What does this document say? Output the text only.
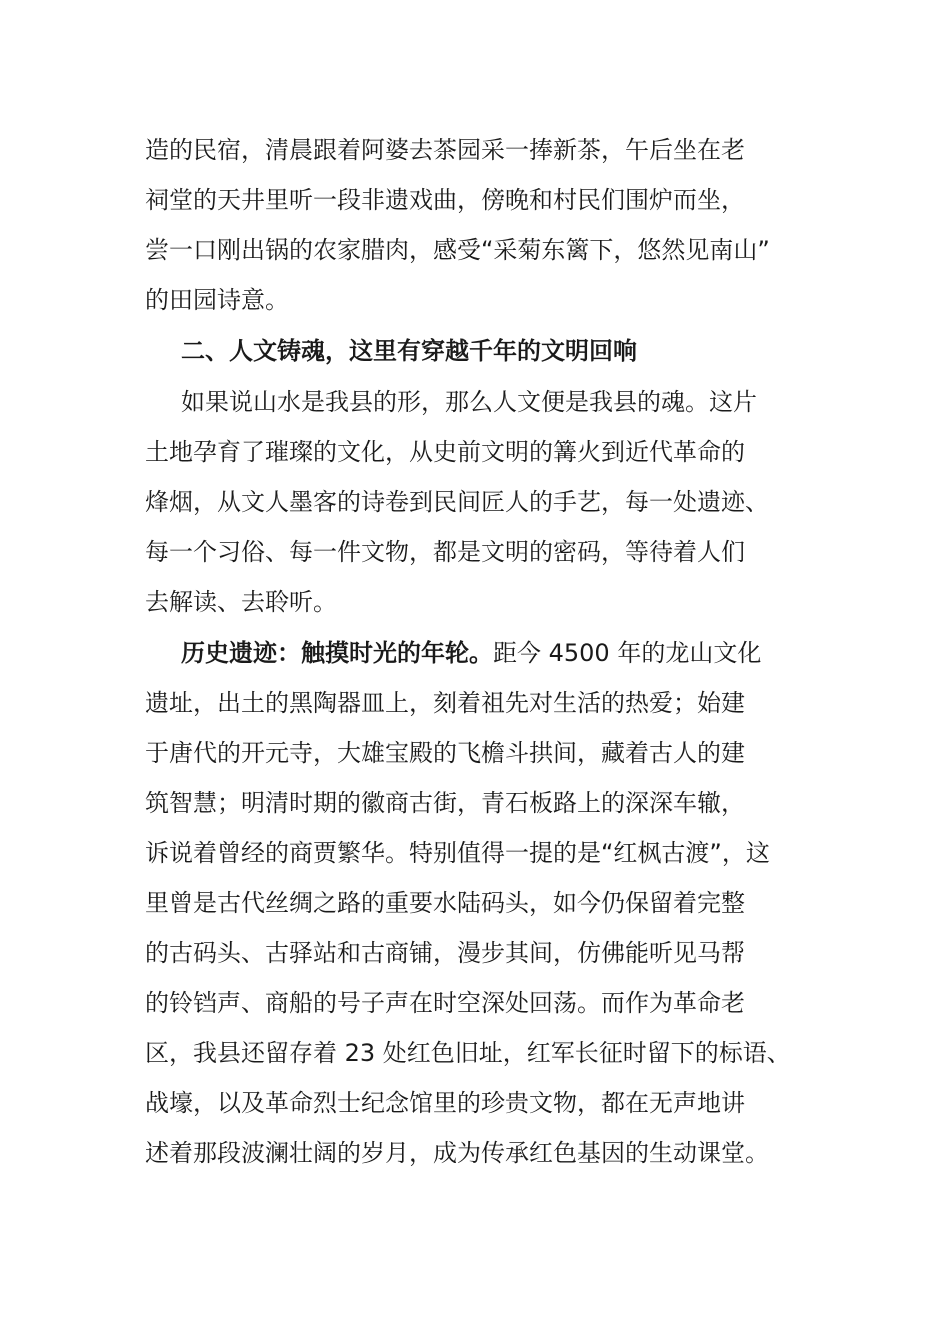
造的民宿，清晨跟着阿婆去茶园采一捧新茶，午后坐在老
祠堂的天井里听一段非遗戏曲，傍晚和村民们围炉而坐，
尝一口刚出锅的农家腊肉，感受“采菊东篱下，悠然见南山”
的田园诗意。
二、人文铸魂，这里有穿越千年的文明回响
如果说山水是我县的形，那么人文便是我县的魂。这片
土地孕育了璀璨的文化，从史前文明的篝火到近代革命的
烽烟，从文人墨客的诗卷到民间匠人的手艺，每一处遗迹、
每一个习俗、每一件文物，都是文明的密码，等待着人们
去解读、去聆听。
历史遗迹：触摸时光的年轮。距今 4500 年的龙山文化
遗址，出土的黑陶器皿上，刻着祖先对生活的热爱；始建
于唐代的开元寺，大雄宝殿的飞檐斗拱间，藏着古人的建
筑智慧；明清时期的徽商古街，青石板路上的深深车辙，
诉说着曾经的商贾繁华。特别值得一提的是“红枫古渡”，这
里曾是古代丝绸之路的重要水陆码头，如今仍保留着完整
的古码头、古驿站和古商铺，漫步其间，仿佛能听见马帮
的铃铛声、商船的号子声在时空深处回荡。而作为革命老
区，我县还留存着 23 处红色旧址，红军长征时留下的标语、
战壕，以及革命烈士纪念馆里的珍贵文物，都在无声地讲
述着那段波澜壮阔的岁月，成为传承红色基因的生动课堂。
